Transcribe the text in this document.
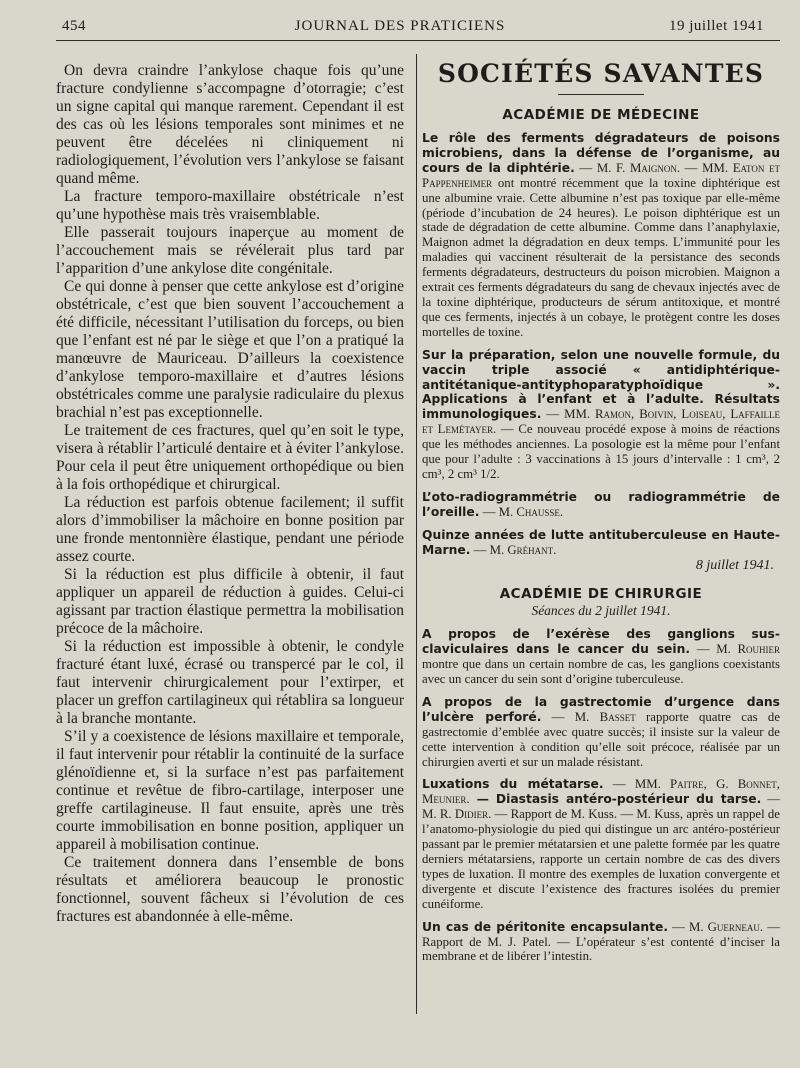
454	JOURNAL DES PRATICIENS	19 juillet 1941

On devra craindre l’ankylose chaque fois qu’une fracture condylienne s’accompagne d’otorragie; c’est un signe capital qui manque rarement. Cependant il est des cas où les lésions temporales sont minimes et ne peuvent être décelées ni cliniquement ni radiologiquement, l’évolution vers l’ankylose se faisant quand même.

La fracture temporo-maxillaire obstétricale n’est qu’une hypothèse mais très vraisemblable.

Elle passerait toujours inaperçue au moment de l’accouchement mais se révélerait plus tard par l’apparition d’une ankylose dite congénitale.

Ce qui donne à penser que cette ankylose est d’origine obstétricale, c’est que bien souvent l’accouchement a été difficile, nécessitant l’utilisation du forceps, ou bien que l’enfant est né par le siège et que l’on a pratiqué la manœuvre de Mauriceau. D’ailleurs la coexistence d’ankylose temporo-maxillaire et d’autres lésions obstétricales comme une paralysie radiculaire du plexus brachial n’est pas exceptionnelle.

Le traitement de ces fractures, quel qu’en soit le type, visera à rétablir l’articulé dentaire et à éviter l’ankylose. Pour cela il peut être uniquement orthopédique ou bien à la fois orthopédique et chirurgical.

La réduction est parfois obtenue facilement; il suffit alors d’immobiliser la mâchoire en bonne position par une fronde mentonnière élastique, pendant une période assez courte.

Si la réduction est plus difficile à obtenir, il faut appliquer un appareil de réduction à guides. Celui-ci agissant par traction élastique permettra la mobilisation précoce de la mâchoire.

Si la réduction est impossible à obtenir, le condyle fracturé étant luxé, écrasé ou transpercé par le col, il faut intervenir chirurgicalement pour l’extirper, et placer un greffon cartilagineux qui rétablira sa longueur à la branche montante.

S’il y a coexistence de lésions maxillaire et temporale, il faut intervenir pour rétablir la continuité de la surface glénoïdienne et, si la surface n’est pas parfaitement continue et revêtue de fibro-cartilage, interposer une greffe cartilagineuse. Il faut ensuite, après une très courte immobilisation en bonne position, appliquer un appareil à mobilisation continue.

Ce traitement donnera dans l’ensemble de bons résultats et améliorera beaucoup le pronostic fonctionnel, souvent fâcheux si l’évolution de ces fractures est abandonnée à elle-même.

SOCIÉTÉS SAVANTES
ACADÉMIE DE MÉDECINE
Le rôle des ferments dégradateurs de poisons microbiens, dans la défense de l’organisme, au cours de la diphtérie. — M. F. Maignon. — MM. Eaton et Pappenheimer ont montré récemment que la toxine diphtérique est une albumine vraie. Cette albumine n’est pas toxique par elle-même (période d’incubation de 24 heures). Le poison diphtérique est un stade de dégradation de cette albumine. Comme dans l’anaphylaxie, Maignon admet la dégradation en deux temps. L’immunité pour les maladies qui vaccinent résulterait de la persistance des seconds ferments dégradateurs, destructeurs du poison microbien. Maignon a extrait ces ferments dégradateurs du sang de chevaux injectés avec de la toxine diphtérique, producteurs de sérum antitoxique, et montré que ces ferments, injectés à un cobaye, le protègent contre les doses mortelles de toxine.
Sur la préparation, selon une nouvelle formule, du vaccin triple associé « antidiphtérique-antitétanique-antityphoparatyphoïdique ». Applications à l’enfant et à l’adulte. Résultats immunologiques. — MM. Ramon, Boivin, Loiseau, Laffaille et Lemétayer. — Ce nouveau procédé expose à moins de réactions que les méthodes anciennes. La posologie est la même pour l’enfant que pour l’adulte : 3 vaccinations à 15 jours d’intervalle : 1 cm³, 2 cm³, 2 cm³ 1/2.
L’oto-radiogrammétrie ou radiogrammétrie de l’oreille. — M. Chausse.
Quinze années de lutte antituberculeuse en Haute-Marne. — M. Gréhant.
8 juillet 1941.
ACADÉMIE DE CHIRURGIE
Séances du 2 juillet 1941.
A propos de l’exérèse des ganglions sus-claviculaires dans le cancer du sein. — M. Rouhier montre que dans un certain nombre de cas, les ganglions coexistants avec un cancer du sein sont d’origine tuberculeuse.
A propos de la gastrectomie d’urgence dans l’ulcère perforé. — M. Basset rapporte quatre cas de gastrectomie d’emblée avec quatre succès; il insiste sur la valeur de cette intervention à condition qu’elle soit précoce, réalisée par un chirurgien averti et sur un malade résistant.
Luxations du métatarse. — MM. Paitre, G. Bonnet, Meunier. — Diastasis antéro-postérieur du tarse. — M. R. Didier. — Rapport de M. Kuss. — M. Kuss, après un rappel de l’anatomo-physiologie du pied qui distingue un arc antéro-postérieur passant par le premier métatarsien et une palette formée par les quatre derniers métatarsiens, rapporte un certain nombre de cas des divers types de luxation. Il montre des exemples de luxation convergente et divergente et discute l’existence des fractures isolées du premier cunéiforme.
Un cas de péritonite encapsulante. — M. Guerneau. — Rapport de M. J. Patel. — L’opérateur s’est contenté d’inciser la membrane et de libérer l’intestin.
